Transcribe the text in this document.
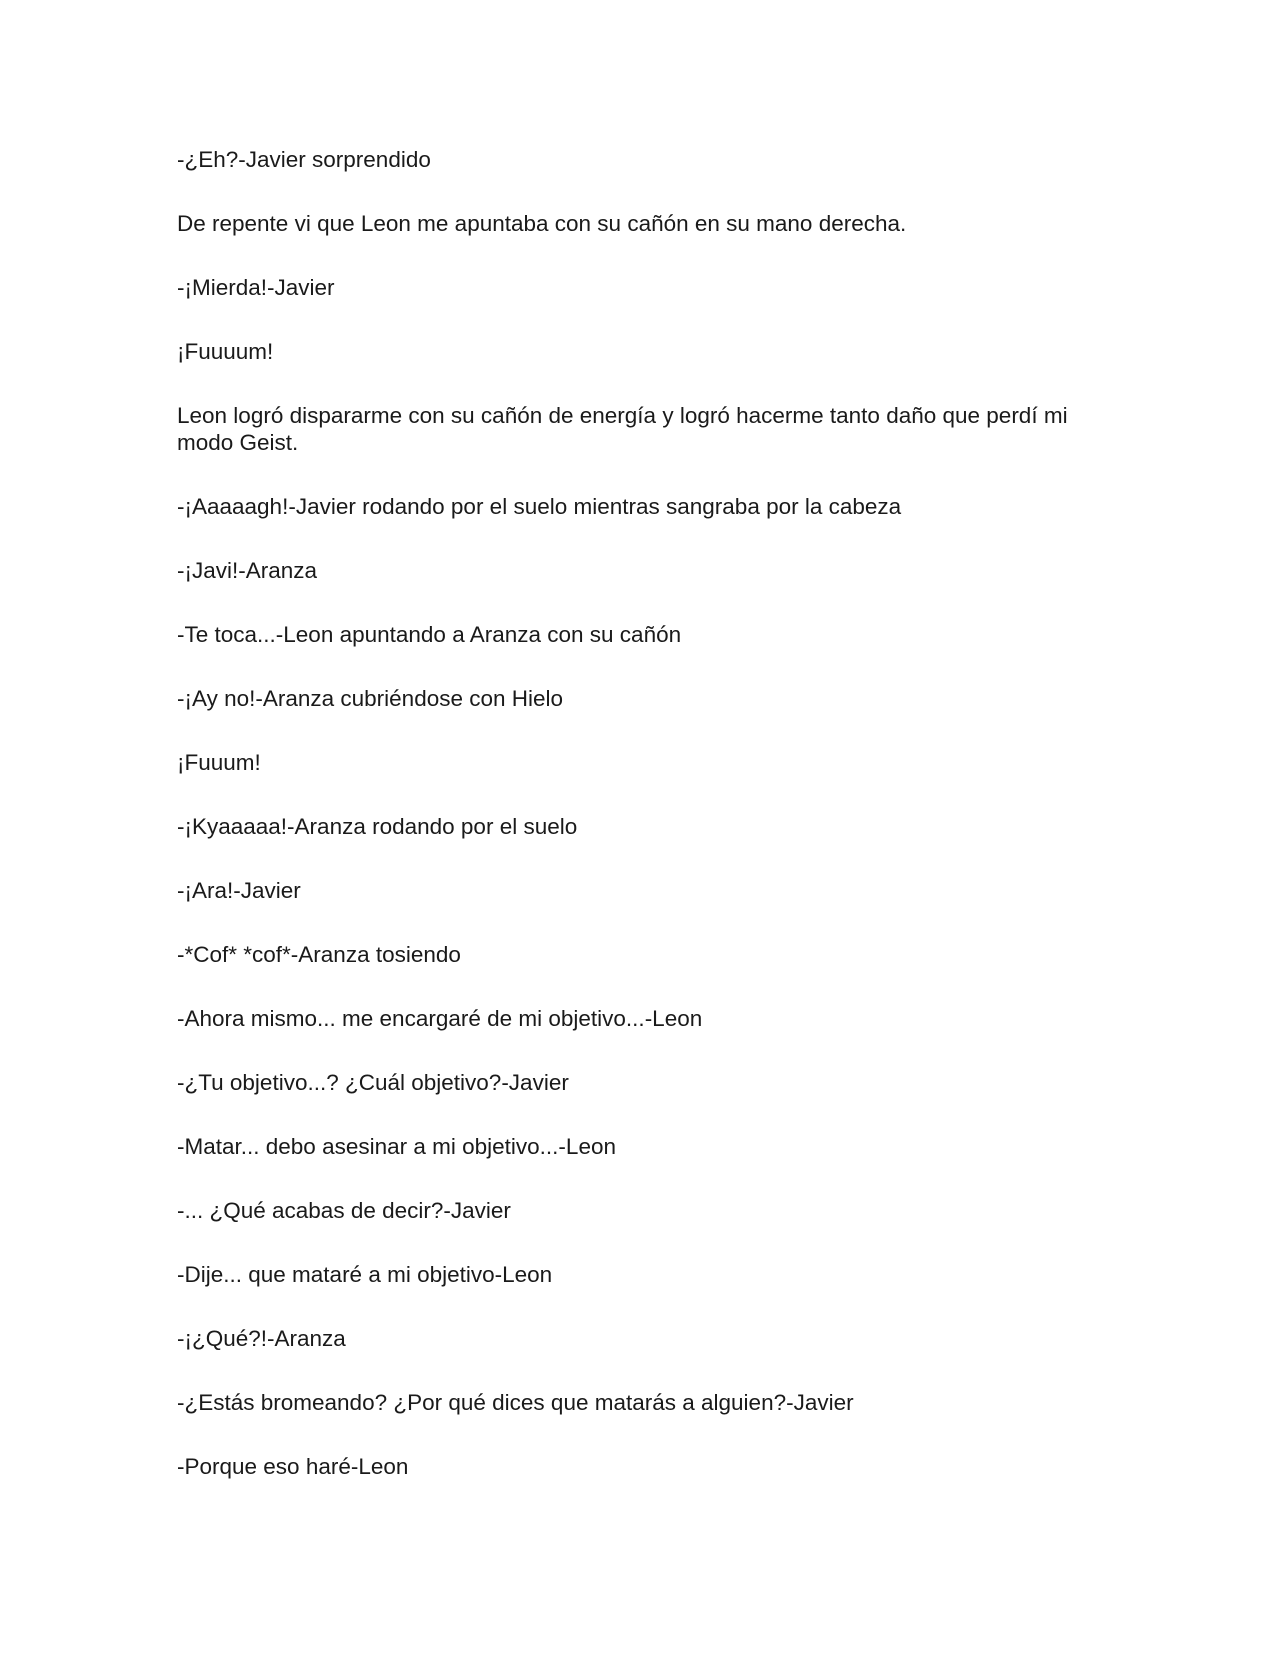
-¿Eh?-Javier sorprendido

De repente vi que Leon me apuntaba con su cañón en su mano derecha.

-¡Mierda!-Javier

¡Fuuuum!

Leon logró dispararme con su cañón de energía y logró hacerme tanto daño que perdí mi modo Geist.

-¡Aaaaagh!-Javier rodando por el suelo mientras sangraba por la cabeza

-¡Javi!-Aranza

-Te toca...-Leon apuntando a Aranza con su cañón

-¡Ay no!-Aranza cubriéndose con Hielo

¡Fuuum!

-¡Kyaaaaa!-Aranza rodando por el suelo

-¡Ara!-Javier

-*Cof* *cof*-Aranza tosiendo

-Ahora mismo... me encargaré de mi objetivo...-Leon

-¿Tu objetivo...? ¿Cuál objetivo?-Javier

-Matar... debo asesinar a mi objetivo...-Leon

-... ¿Qué acabas de decir?-Javier

-Dije... que mataré a mi objetivo-Leon

-¡¿Qué?!-Aranza

-¿Estás bromeando? ¿Por qué dices que matarás a alguien?-Javier

-Porque eso haré-Leon
